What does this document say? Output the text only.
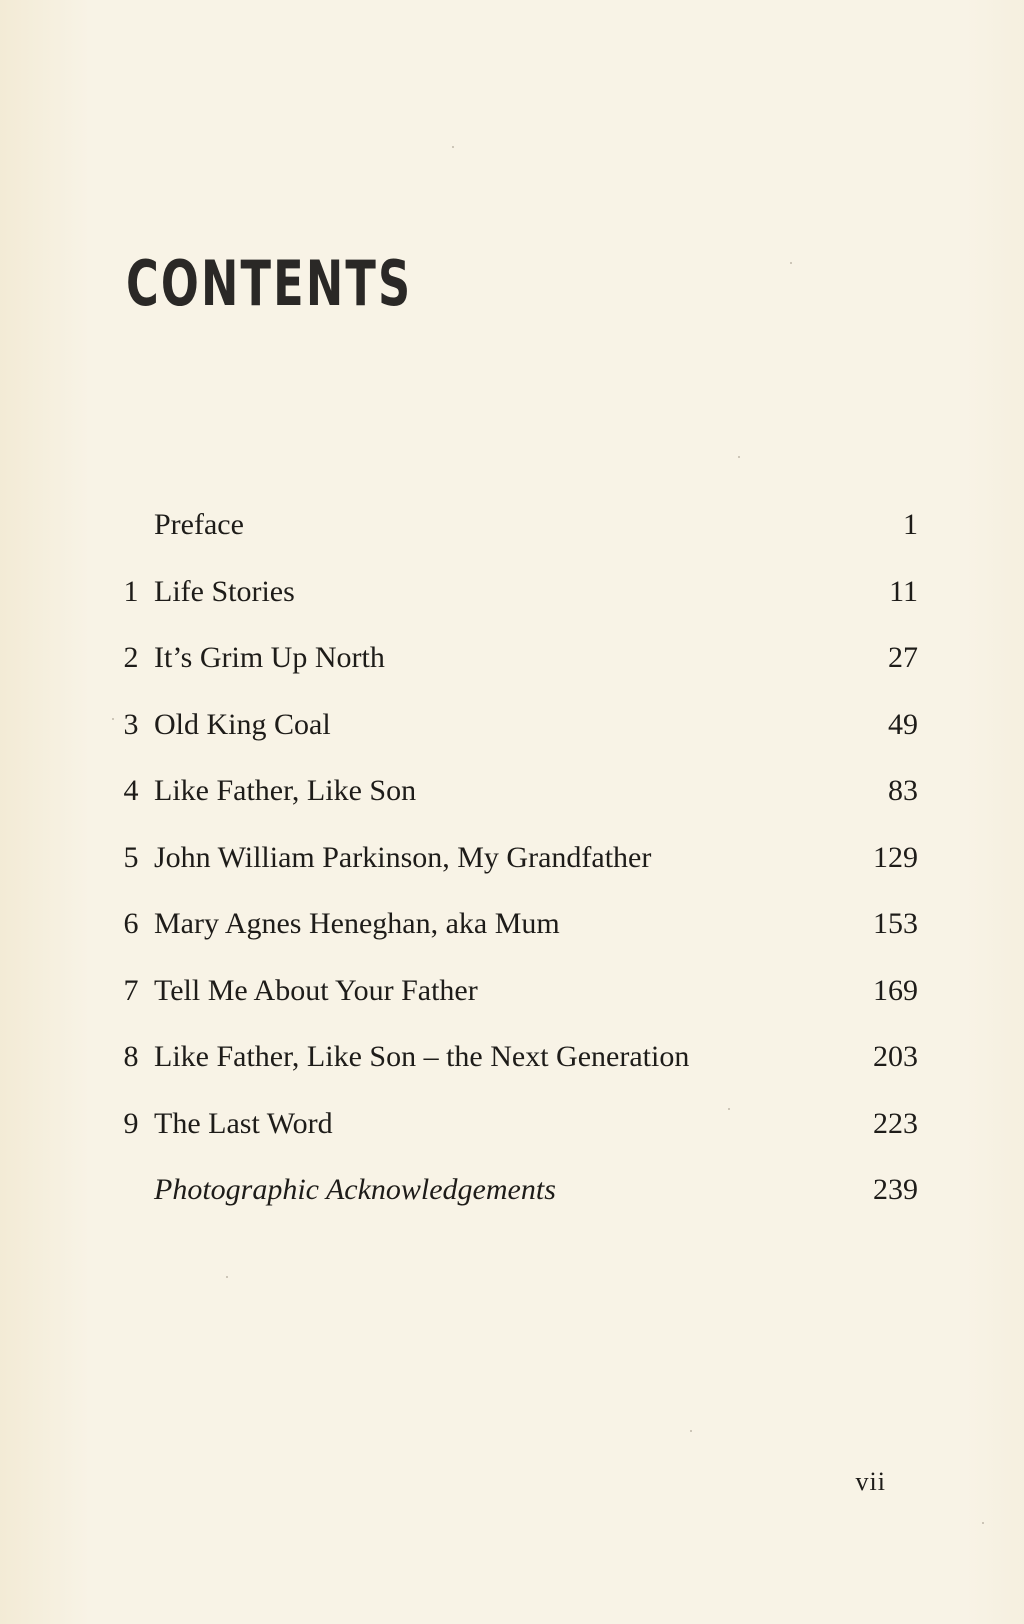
CONTENTS
Preface	1
1 Life Stories	11
2 It’s Grim Up North	27
3 Old King Coal	49
4 Like Father, Like Son	83
5 John William Parkinson, My Grandfather	129
6 Mary Agnes Heneghan, aka Mum	153
7 Tell Me About Your Father	169
8 Like Father, Like Son – the Next Generation	203
9 The Last Word	223
Photographic Acknowledgements	239
vii
